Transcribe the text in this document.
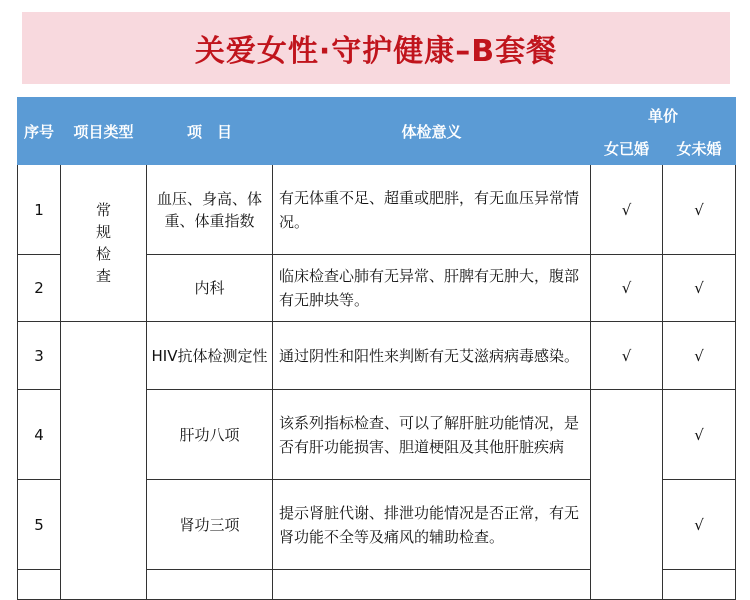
关爱女性·守护健康–B套餐
序号	项目类型	项　目	体检意义	单价	
				女已婚	女未婚
1	常
规
检
查	血压、身高、体重、体重指数	有无体重不足、超重或肥胖，有无血压异常情况。	√	√
2		内科	临床检查心肺有无异常、肝脾有无肿大，腹部有无肿块等。	√	√
3		HIV抗体检测定性	通过阴性和阳性来判断有无艾滋病病毒感染。	√	√
4		肝功八项	该系列指标检查、可以了解肝脏功能情况，是否有肝功能损害、胆道梗阻及其他肝脏疾病		√
5		肾功三项	提示肾脏代谢、排泄功能情况是否正常，有无肾功能不全等及痛风的辅助检查。		√
